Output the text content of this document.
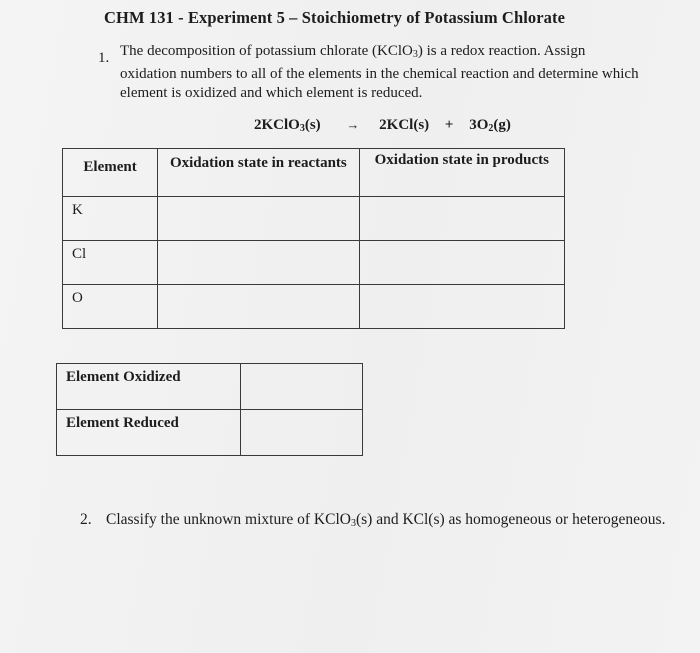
CHM 131 - Experiment 5 – Stoichiometry of Potassium Chlorate
1. The decomposition of potassium chlorate (KClO$_3$) is a redox reaction. Assign oxidation numbers to all of the elements in the chemical reaction and determine which element is oxidized and which element is reduced.
2KClO$_3$(s) → $2KCl(s) + 3O_2(g)$
Element	Oxidation state in reactants	Oxidation state in products
K		
Cl		
O		
Element Oxidized	
Element Reduced	
2. Classify the unknown mixture of KClO$_3$(s) and KCl(s) as homogeneous or heterogeneous.
